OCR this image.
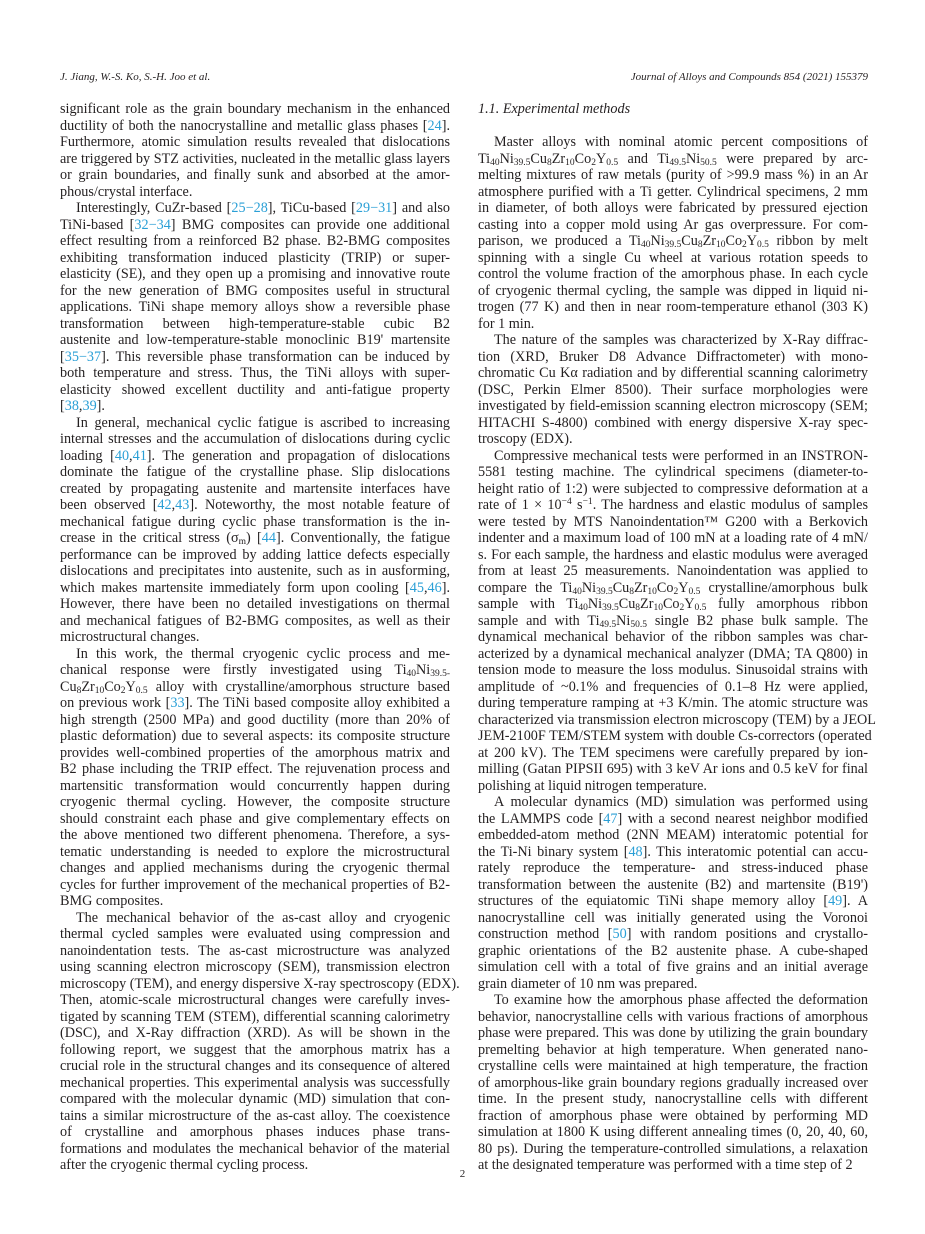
J. Jiang, W.-S. Ko, S.-H. Joo et al.	Journal of Alloys and Compounds 854 (2021) 155379
significant role as the grain boundary mechanism in the enhanced
ductility of both the nanocrystalline and metallic glass phases [24].
Furthermore, atomic simulation results revealed that dislocations
are triggered by STZ activities, nucleated in the metallic glass layers
or grain boundaries, and finally sunk and absorbed at the amor-
phous/crystal interface.
Interestingly, CuZr-based [25−28], TiCu-based [29−31] and also
TiNi-based [32−34] BMG composites can provide one additional
effect resulting from a reinforced B2 phase. B2-BMG composites
exhibiting transformation induced plasticity (TRIP) or super-
elasticity (SE), and they open up a promising and innovative route
for the new generation of BMG composites useful in structural
applications. TiNi shape memory alloys show a reversible phase
transformation between high-temperature-stable cubic B2
austenite and low-temperature-stable monoclinic B19' martensite
[35−37]. This reversible phase transformation can be induced by
both temperature and stress. Thus, the TiNi alloys with super-
elasticity showed excellent ductility and anti-fatigue property
[38,39].
In general, mechanical cyclic fatigue is ascribed to increasing
internal stresses and the accumulation of dislocations during cyclic
loading [40,41]. The generation and propagation of dislocations
dominate the fatigue of the crystalline phase. Slip dislocations
created by propagating austenite and martensite interfaces have
been observed [42,43]. Noteworthy, the most notable feature of
mechanical fatigue during cyclic phase transformation is the in-
crease in the critical stress $(\sigma_m)$ [44]. Conventionally, the fatigue
performance can be improved by adding lattice defects especially
dislocations and precipitates into austenite, such as in ausforming,
which makes martensite immediately form upon cooling [45,46].
However, there have been no detailed investigations on thermal
and mechanical fatigues of B2-BMG composites, as well as their
microstructural changes.
In this work, the thermal cryogenic cyclic process and me-
chanical response were firstly investigated using $Ti_{40}Ni_{39.5-}$
$Cu_8Zr_{10}Co_2Y_{0.5}$ alloy with crystalline/amorphous structure based
on previous work [33]. The TiNi based composite alloy exhibited a
high strength (2500 MPa) and good ductility (more than 20% of
plastic deformation) due to several aspects: its composite structure
provides well-combined properties of the amorphous matrix and
B2 phase including the TRIP effect. The rejuvenation process and
martensitic transformation would concurrently happen during
cryogenic thermal cycling. However, the composite structure
should constraint each phase and give complementary effects on
the above mentioned two different phenomena. Therefore, a sys-
tematic understanding is needed to explore the microstructural
changes and applied mechanisms during the cryogenic thermal
cycles for further improvement of the mechanical properties of B2-
BMG composites.
The mechanical behavior of the as-cast alloy and cryogenic
thermal cycled samples were evaluated using compression and
nanoindentation tests. The as-cast microstructure was analyzed
using scanning electron microscopy (SEM), transmission electron
microscopy (TEM), and energy dispersive X-ray spectroscopy (EDX).
Then, atomic-scale microstructural changes were carefully inves-
tigated by scanning TEM (STEM), differential scanning calorimetry
(DSC), and X-Ray diffraction (XRD). As will be shown in the
following report, we suggest that the amorphous matrix has a
crucial role in the structural changes and its consequence of altered
mechanical properties. This experimental analysis was successfully
compared with the molecular dynamic (MD) simulation that con-
tains a similar microstructure of the as-cast alloy. The coexistence
of crystalline and amorphous phases induces phase trans-
formations and modulates the mechanical behavior of the material
after the cryogenic thermal cycling process.
1.1. Experimental methods
Master alloys with nominal atomic percent compositions of
$Ti_{40}Ni_{39.5}Cu_8Zr_{10}Co_2Y_{0.5}$ and $Ti_{49.5}Ni_{50.5}$ were prepared by arc-
melting mixtures of raw metals (purity of >99.9 mass %) in an Ar
atmosphere purified with a Ti getter. Cylindrical specimens, 2 mm
in diameter, of both alloys were fabricated by pressured ejection
casting into a copper mold using Ar gas overpressure. For com-
parison, we produced a $Ti_{40}Ni_{39.5}Cu_8Zr_{10}Co_2Y_{0.5}$ ribbon by melt
spinning with a single Cu wheel at various rotation speeds to
control the volume fraction of the amorphous phase. In each cycle
of cryogenic thermal cycling, the sample was dipped in liquid ni-
trogen (77 K) and then in near room-temperature ethanol (303 K)
for 1 min.
The nature of the samples was characterized by X-Ray diffrac-
tion (XRD, Bruker D8 Advance Diffractometer) with mono-
chromatic Cu Kα radiation and by differential scanning calorimetry
(DSC, Perkin Elmer 8500). Their surface morphologies were
investigated by field-emission scanning electron microscopy (SEM;
HITACHI S-4800) combined with energy dispersive X-ray spec-
troscopy (EDX).
Compressive mechanical tests were performed in an INSTRON-
5581 testing machine. The cylindrical specimens (diameter-to-
height ratio of 1:2) were subjected to compressive deformation at a
rate of $1 \times 10^{-4}$ $s^{-1}$. The hardness and elastic modulus of samples
were tested by MTS Nanoindentation™ G200 with a Berkovich
indenter and a maximum load of 100 mN at a loading rate of 4 mN/
s. For each sample, the hardness and elastic modulus were averaged
from at least 25 measurements. Nanoindentation was applied to
compare the $Ti_{40}Ni_{39.5}Cu_8Zr_{10}Co_2Y_{0.5}$ crystalline/amorphous bulk
sample with $Ti_{40}Ni_{39.5}Cu_8Zr_{10}Co_2Y_{0.5}$ fully amorphous ribbon
sample and with $Ti_{49.5}Ni_{50.5}$ single B2 phase bulk sample. The
dynamical mechanical behavior of the ribbon samples was char-
acterized by a dynamical mechanical analyzer (DMA; TA Q800) in
tension mode to measure the loss modulus. Sinusoidal strains with
amplitude of ~0.1% and frequencies of 0.1–8 Hz were applied,
during temperature ramping at +3 K/min. The atomic structure was
characterized via transmission electron microscopy (TEM) by a JEOL
JEM-2100F TEM/STEM system with double Cs-correctors (operated
at 200 kV). The TEM specimens were carefully prepared by ion-
milling (Gatan PIPSII 695) with 3 keV Ar ions and 0.5 keV for final
polishing at liquid nitrogen temperature.
A molecular dynamics (MD) simulation was performed using
the LAMMPS code [47] with a second nearest neighbor modified
embedded-atom method (2NN MEAM) interatomic potential for
the Ti-Ni binary system [48]. This interatomic potential can accu-
rately reproduce the temperature- and stress-induced phase
transformation between the austenite (B2) and martensite (B19')
structures of the equiatomic TiNi shape memory alloy [49]. A
nanocrystalline cell was initially generated using the Voronoi
construction method [50] with random positions and crystallo-
graphic orientations of the B2 austenite phase. A cube-shaped
simulation cell with a total of five grains and an initial average
grain diameter of 10 nm was prepared.
To examine how the amorphous phase affected the deformation
behavior, nanocrystalline cells with various fractions of amorphous
phase were prepared. This was done by utilizing the grain boundary
premelting behavior at high temperature. When generated nano-
crystalline cells were maintained at high temperature, the fraction
of amorphous-like grain boundary regions gradually increased over
time. In the present study, nanocrystalline cells with different
fraction of amorphous phase were obtained by performing MD
simulation at 1800 K using different annealing times (0, 20, 40, 60,
80 ps). During the temperature-controlled simulations, a relaxation
at the designated temperature was performed with a time step of 2
2
